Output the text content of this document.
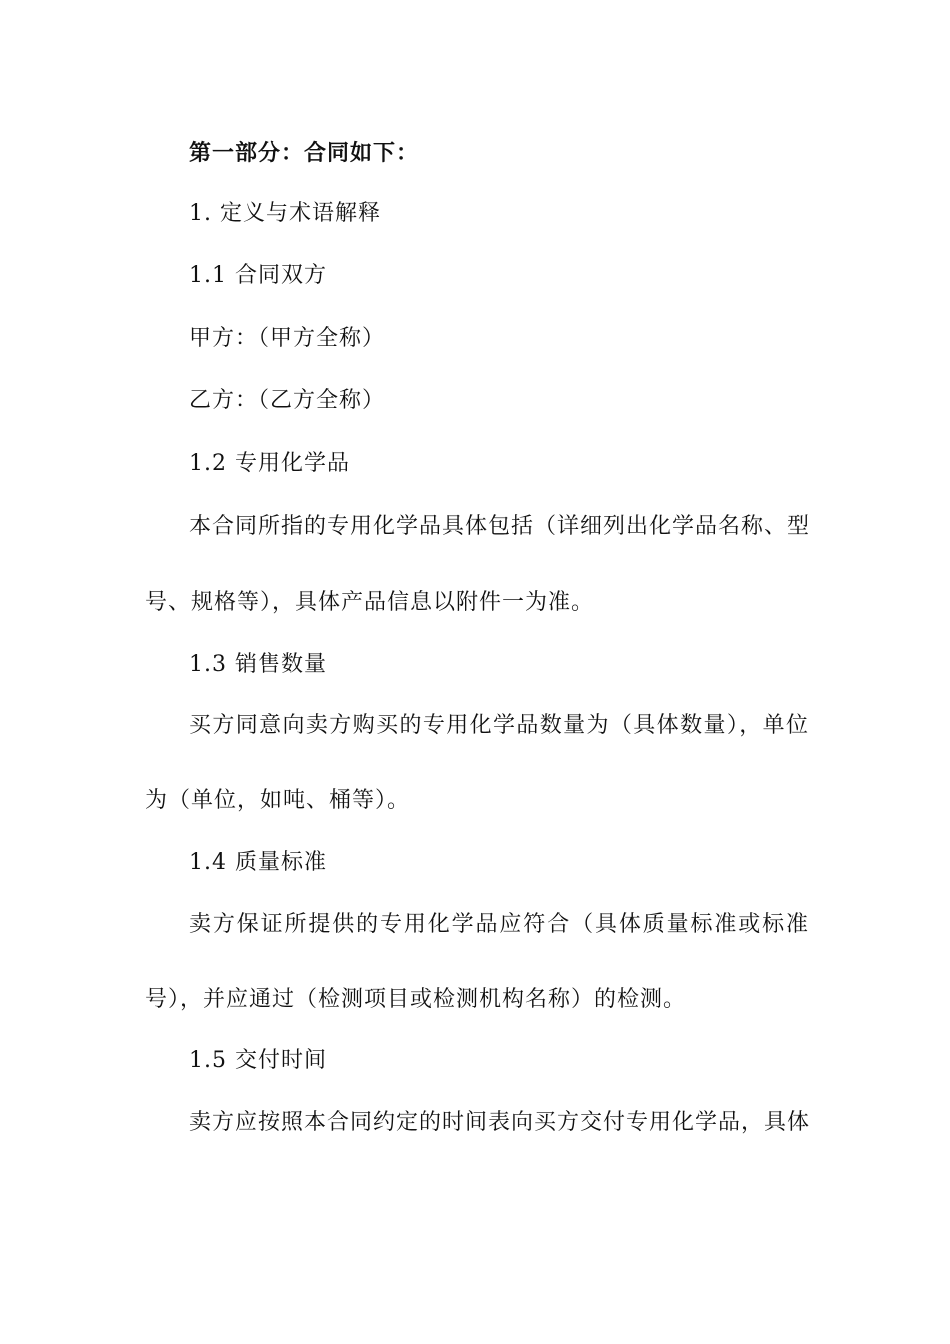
第一部分：合同如下：
1. 定义与术语解释
1.1 合同双方
甲方：（甲方全称）
乙方：（乙方全称）
1.2 专用化学品
本合同所指的专用化学品具体包括（详细列出化学品名称、型
号、规格等），具体产品信息以附件一为准。
1.3 销售数量
买方同意向卖方购买的专用化学品数量为（具体数量），单位
为（单位，如吨、桶等）。
1.4 质量标准
卖方保证所提供的专用化学品应符合（具体质量标准或标准
号），并应通过（检测项目或检测机构名称）的检测。
1.5 交付时间
卖方应按照本合同约定的时间表向买方交付专用化学品，具体
